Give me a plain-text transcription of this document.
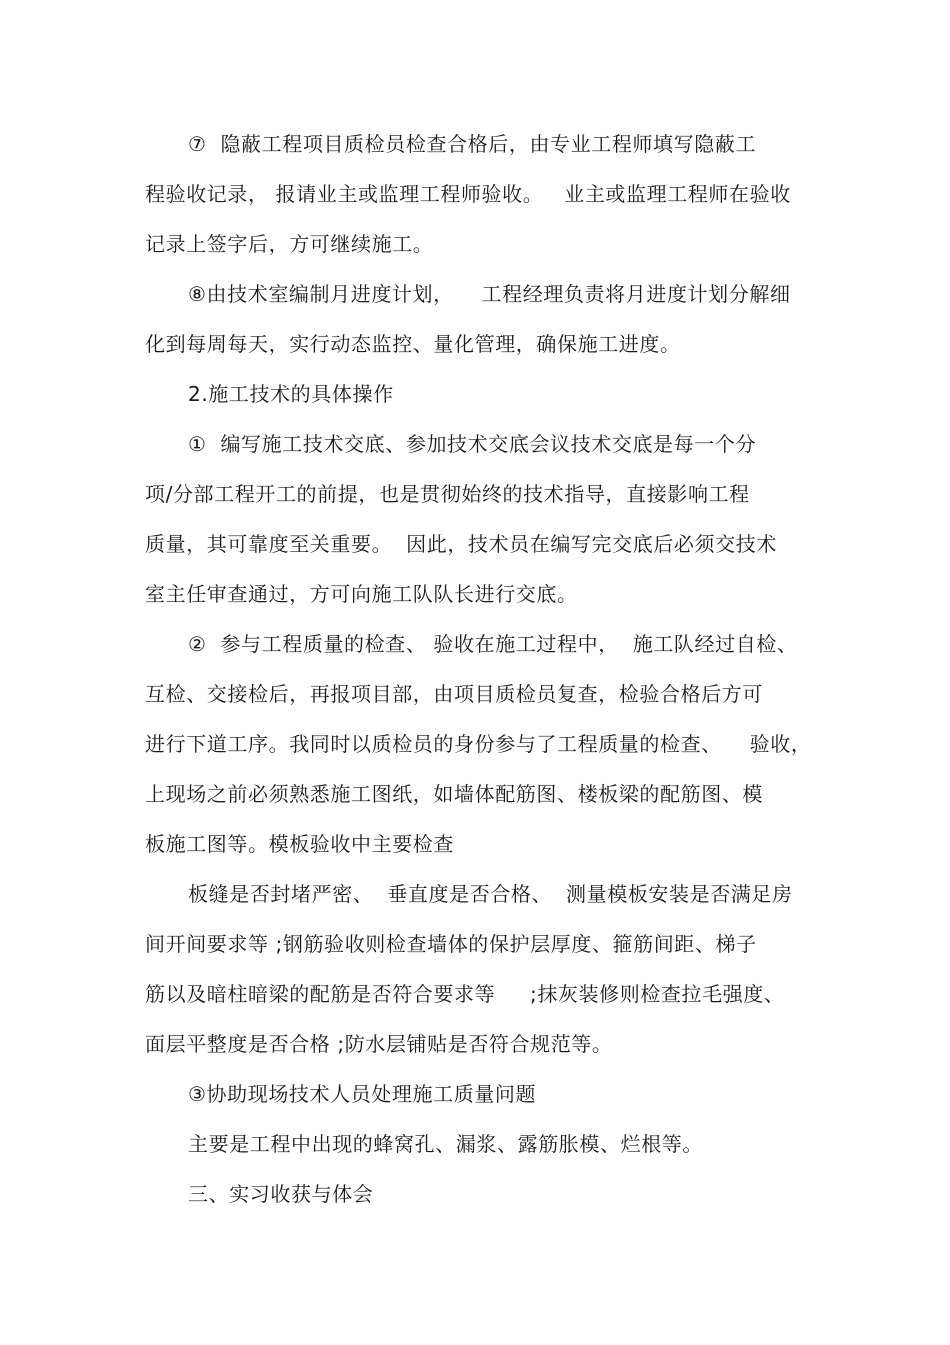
⑦  隐蔽工程项目质检员检查合格后，由专业工程师填写隐蔽工
程验收记录， 报请业主或监理工程师验收。   业主或监理工程师在验收
记录上签字后，方可继续施工。
⑧由技术室编制月进度计划，    工程经理负责将月进度计划分解细
化到每周每天，实行动态监控、量化管理，确保施工进度。
2.施工技术的具体操作
①  编写施工技术交底、参加技术交底会议技术交底是每一个分
项/分部工程开工的前提，也是贯彻始终的技术指导，直接影响工程
质量，其可靠度至关重要。  因此，技术员在编写完交底后必须交技术
室主任审查通过，方可向施工队队长进行交底。
②  参与工程质量的检查、 验收在施工过程中，  施工队经过自检、
互检、交接检后，再报项目部，由项目质检员复查，检验合格后方可
进行下道工序。我同时以质检员的身份参与了工程质量的检查、    验收，
上现场之前必须熟悉施工图纸，如墙体配筋图、楼板梁的配筋图、模
板施工图等。模板验收中主要检查
板缝是否封堵严密、  垂直度是否合格、  测量模板安装是否满足房
间开间要求等 ;钢筋验收则检查墙体的保护层厚度、箍筋间距、梯子
筋以及暗柱暗梁的配筋是否符合要求等     ;抹灰装修则检查拉毛强度、
面层平整度是否合格 ;防水层铺贴是否符合规范等。
③协助现场技术人员处理施工质量问题
主要是工程中出现的蜂窝孔、漏浆、露筋胀模、烂根等。
三、实习收获与体会
